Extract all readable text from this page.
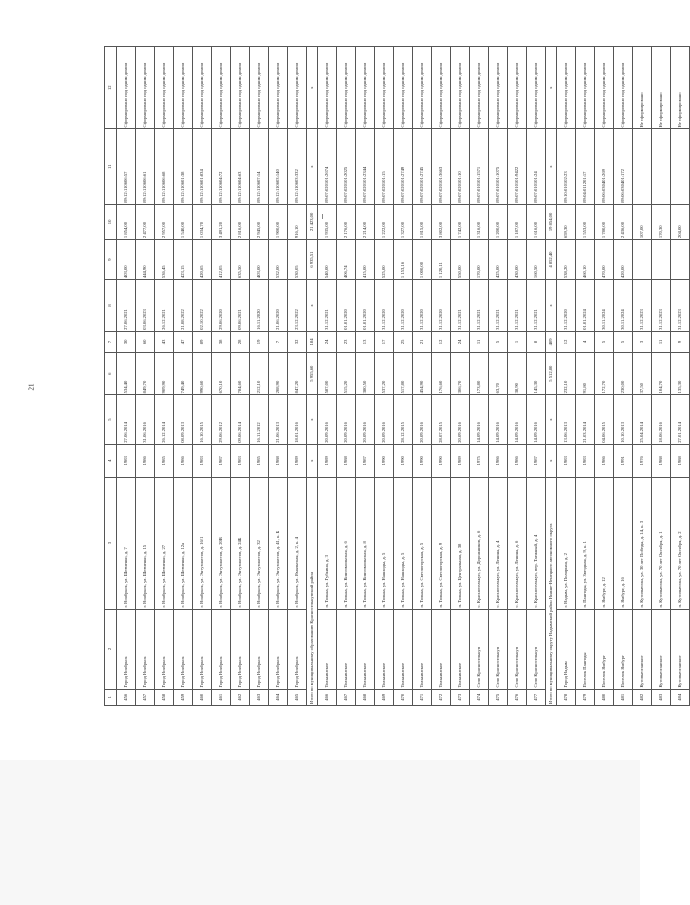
21
1	2	3	4	5	6	7	8	9	10	11	12
456	Город Ноябрьск	г. Ноябрьск, ул. Шевченко, д. 7	1983	27.06.2014	534,40	30	27.06.2021	403,00	1 854,00	89:12:110606:57	Сформировано под одним домом
457	Город Ноябрьск	г. Ноябрьск, ул. Шевченко, д. 15	1986	31.06.2016	849,70	60	03.06.2023	444,90	2 477,00	89:12:110606:61	Сформировано под одним домом
458	Город Ноябрьск	г. Ноябрьск, ул. Шевченко, д. 27	1985	26.12.2014	909,90	43	26.12.2021	536,45	2 957,00	89:12:110606:68	Сформировано под одним домом
459	Город Ноябрьск	г. Ноябрьск, ул. Шевченко, д. 12а	1986	08.09.2013	749,40	47	21.08.2022	423,15	1 540,00	89:12:110601:38	Сформировано под одним домом
460	Город Ноябрьск	г. Ноябрьск, ул. Энтузиастов, д. 16/1	1983	16.10.2015	990,60	89	02.10.2022	420,65	1 034,70	89:12:110601:834	Сформировано под одним домом
461	Город Ноябрьск	г. Ноябрьск, ул. Энтузиастов, д. 20В	1987	29.06.2012	670,10	38	29.06.2020	412,05	3 491,20	89:12:110604:72	Сформировано под одним домом
462	Город Ноябрьск	г. Ноябрьск, ул. Энтузиастов, д. 24Б	1983	09.06.2014	784,60	28	09.06.2021	635,50	2 816,00	89:12:110604:63	Сформировано под одним домом
463	Город Ноябрьск	г. Ноябрьск, ул. Энтузиастов, д. 32	1985	16.11.2012	212,10	19	16.11.2020	403,00	2 945,00	89:12:110607:14	Сформировано под одним домом
464	Город Ноябрьск	г. Ноябрьск, ул. Энтузиастов, д. 41, к. Б	1988	21.06.2013	208,90	7	21.06.2020	532,00	1 900,00	89:12:110603:140	Сформировано под одним домом
465	Город Ноябрьск	г. Ноябрьск, ул. Ямальская, д. 2, к. 4	1989	18.01.2016	847,20	32	23.12.2022	530,05	916,10	89:12:110603:332	Сформировано под одним домом
Итого по муниципальному образованию Красноселькупский район			х	х	5 955,60	184	х	6 935,51	21 423,00	х	х
466	Толькинское	п. Толька, ул. Губкина, д. 3	1989	20.09.2016	587,00	24	31.12.2021	540,00	1 935,00	89:07:020101:2674	Сформировано под одним домом
467	Толькинское	п. Толька, ул. Комсомольская, д. 6	1988	20.09.2016	515,20	23	01.01.2020	406,74	2 176,00	89:07:020101:2025	Сформировано под одним домом
468	Толькинское	п. Толька, ул. Комсомольская, д. 8	1987	20.09.2016	380,50	13	01.01.2020	415,00	2 214,00	89:07:020101:2344	Сформировано под одним домом
469	Толькинское	п. Толька, ул. Нашходы, д. 5	1990	20.09.2016	537,20	17	31.12.2020	525,00	1 222,00	89:07:020101:15	Сформировано под одним домом
470	Толькинское	п. Толька, ул. Нашходы, д. 5	1990	28.12.2015	517,80	25	31.12.2020	1 153,16	1 327,00	89:07:020101:2749	Сформировано под одним домом
471	Толькинское	п. Толька, ул. Светлогорская, д. 5	1990	20.09.2016	454,90	21	31.12.2020	1 000,00	1 815,00	89:07:020101:2745	Сформировано под одним домом
472	Толькинское	п. Толька, ул. Светлогорская, д. 9	1990	28.07.2015	176,60	12	31.12.2020	1 120,11	3 802,00	89:07:020101:3663	Сформировано под одним домом
473	Толькинское	п. Толька, ул. Центральная, д. 38	1989	20.09.2016	306,70	24	31.12.2021	550,00	1 742,00	89:07:020101:10	Сформировано под одним домом
474	Село Красноселькуп	с. Красноселькуп, ул. Дорожников, д. 6	1975	14.09.2016	173,80	11	31.12.2021	170,00	1 316,00	89:07:010101:1571	Сформировано под одним домом
475	Село Красноселькуп	с. Красноселькуп, ул. Ленина, д. 4	1986	14.09.2016	63,70	5	31.12.2021	425,00	1 200,00	89:07:010101:1075	Сформировано под одним домом
476	Село Красноселькуп	с. Красноселькуп, ул. Ленина, д. 6	1986	14.09.2016	38,90	1	31.12.2021	430,00	1 187,00	89:07:010101:9422	Сформировано под одним домом
477	Село Красноселькуп	с. Красноселькуп, пер. Таежный, д. 4	1987	14.09.2016	145,30	8	31.12.2021	160,50	1 616,00	89:07:010101:24	Сформировано под одним домом
Итого по муниципальному округу Надымский район Нижне-Ненецкого автономного округа			х	х	5 512,80	409	х	4 852,40	19 854,00	х	х
478	Город Надым	г. Надым, ул. Полярная, д. 2	1983	13.06.2013	232,10	12	31.12.2020	538,20	659,30	89:10:010102:23	Сформировано под одним домом
479	Поселок Пангоды	п. Пангоды, ул. Звездная, д. 9, к. 1	1983	21.03.2014	91,80	4	01.01.2024	460,10	1 553,00	89:04:011201:17	Сформировано под одним домом
480	Поселок Ямбург	п. Ямбург, д. 12	1986	04.06.2015	172,70	5	30.11.2024	470,00	1 780,00	89:06:030401:269	Сформировано под одним домом
481	Поселок Ямбург	п. Ямбург, д. 16	1991	10.10.2013	230,00	5	30.11.2024	420,00	2 436,00	89:06:030401:172	Сформировано под одним домом
482	Кутопьюганское	п. Кутопьюган, ул. 30 лет Победы, д. 14, к. 3	1976	25.04.2014	37,50	3	31.12.2023		107,00		Не сформировано
483	Кутопьюганское	п. Кутопьюган, ул. 70 лет Октября, д. 1	1988	18.06.2016	104,70	11	31.12.2023		170,30		Не сформировано
484	Кутопьюганское	п. Кутопьюган, ул. 70 лет Октября, д. 2	1988	27.01.2014	135,30	9	31.12.2023		204,00		Не сформировано
